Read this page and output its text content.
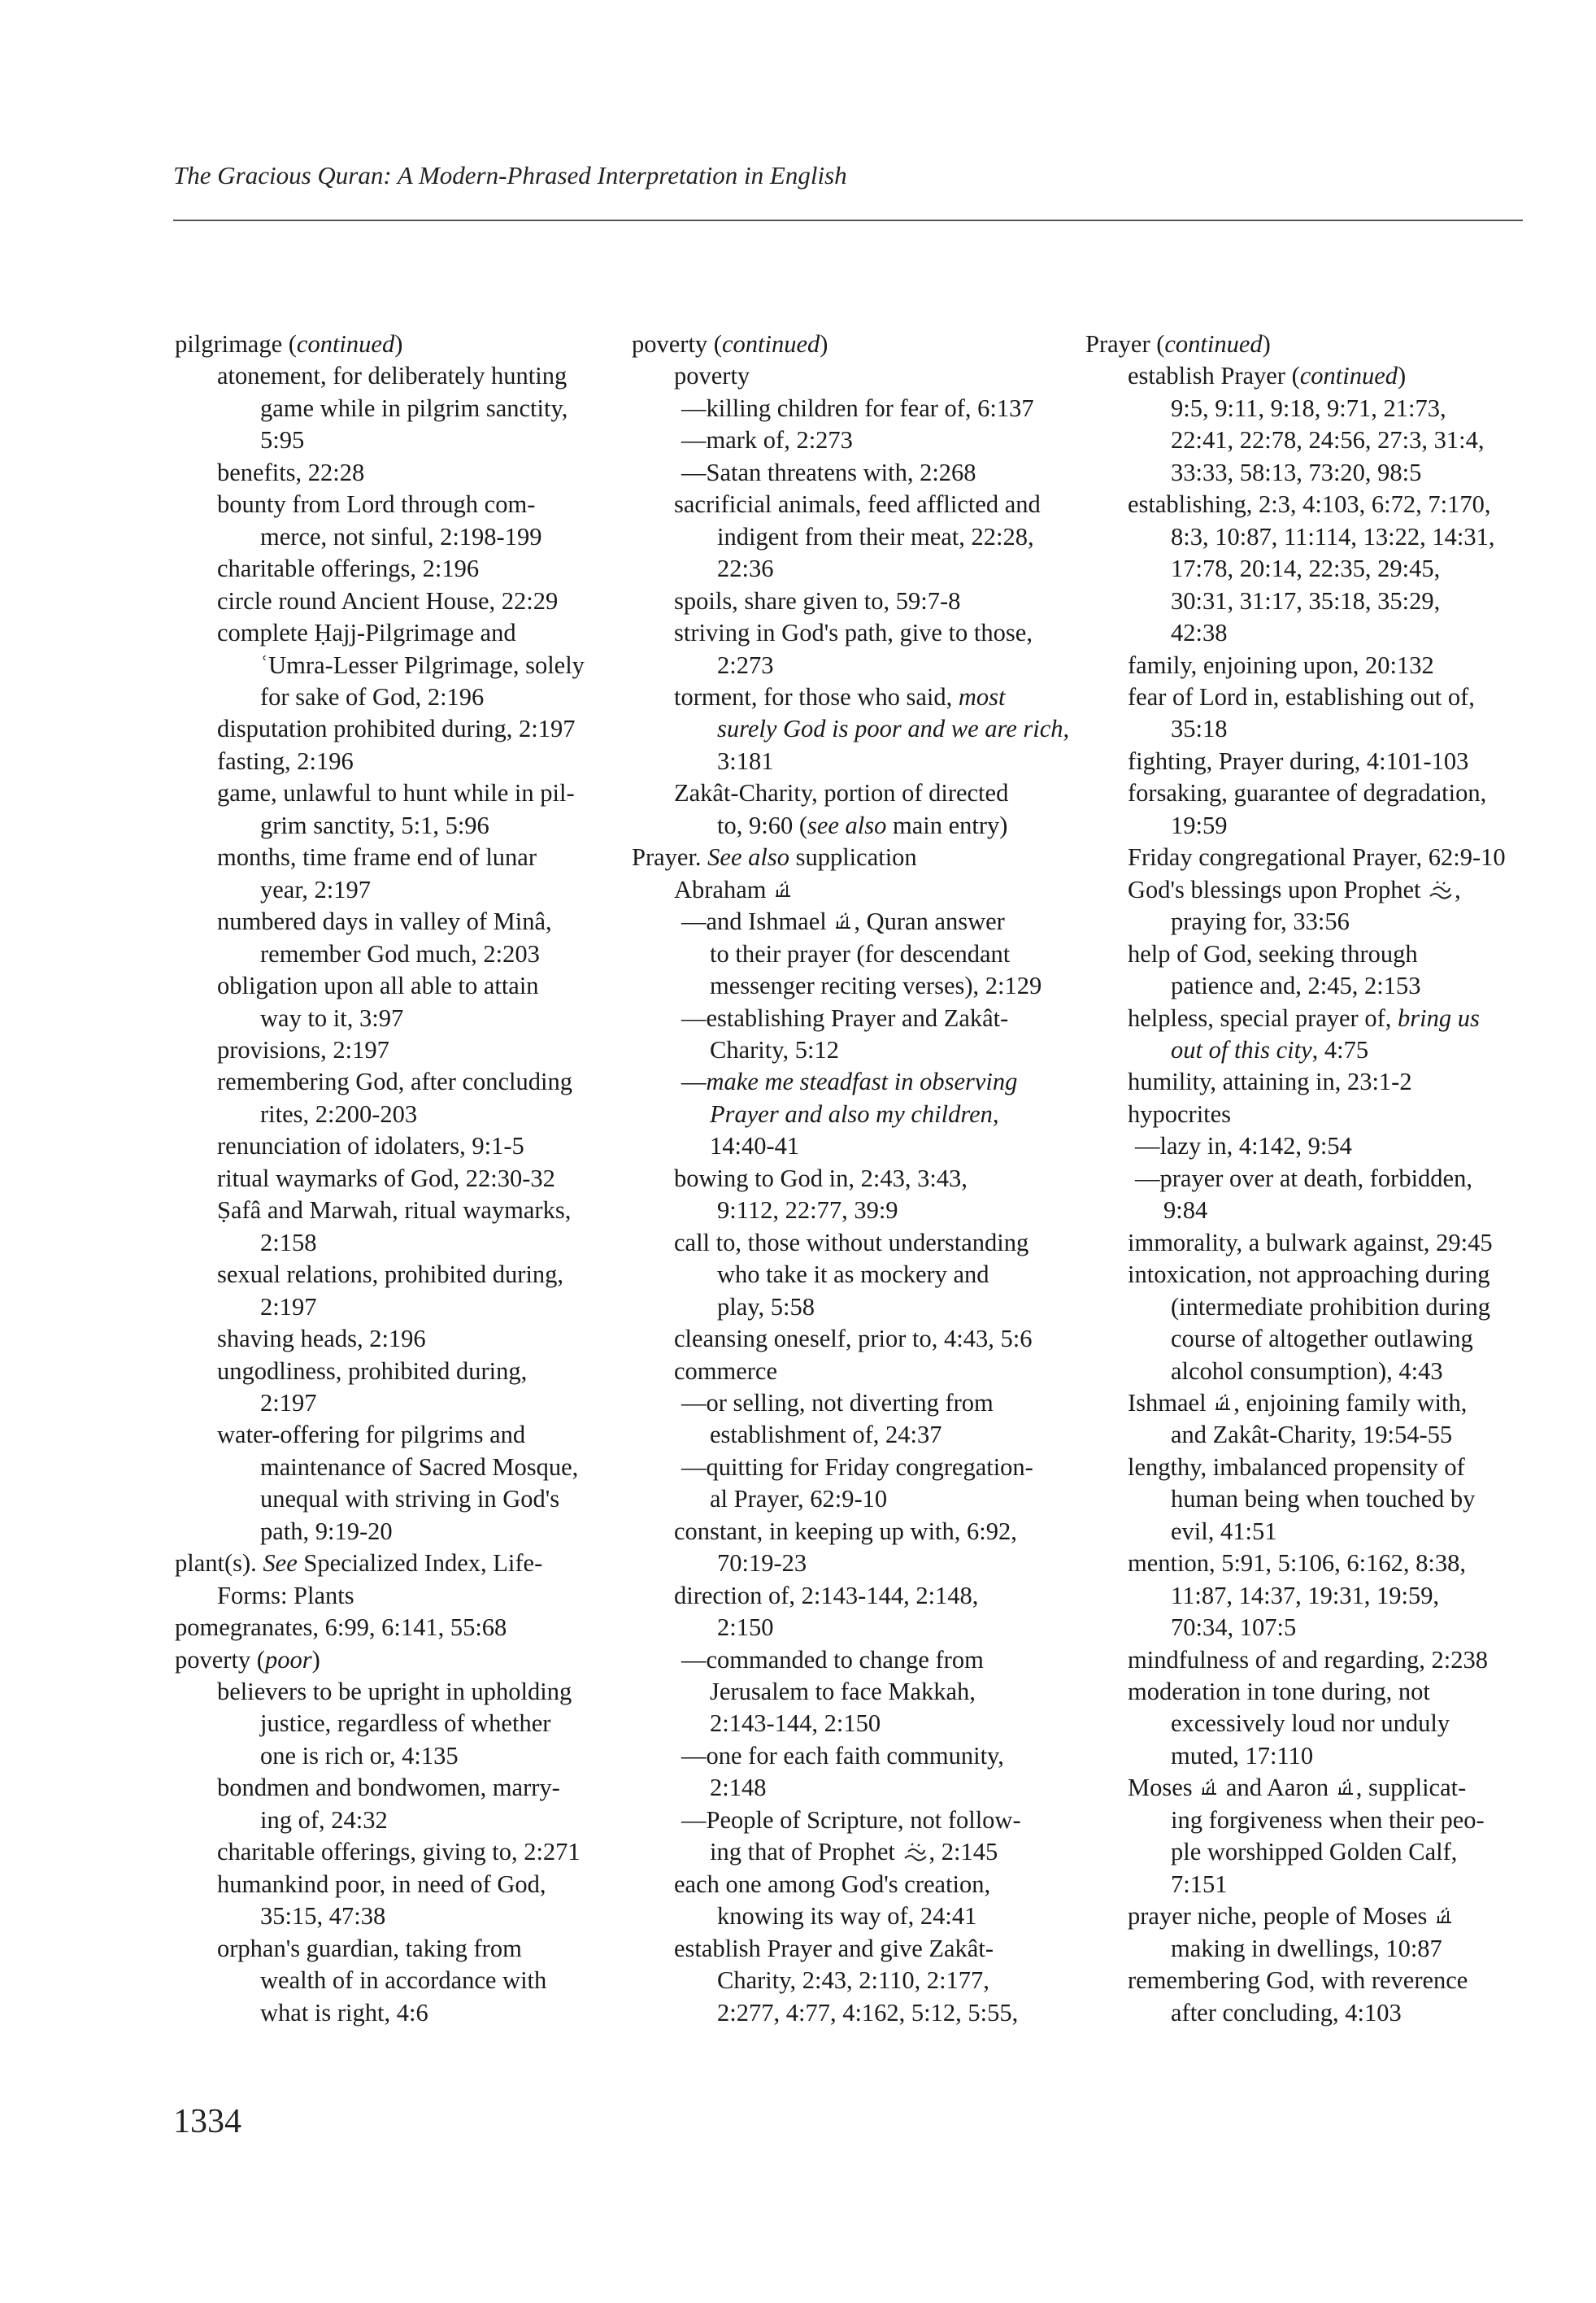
The Gracious Quran: A Modern-Phrased Interpretation in English
pilgrimage (continued)
atonement, for deliberately hunting
game while in pilgrim sanctity,
5:95
benefits, 22:28
bounty from Lord through com-
merce, not sinful, 2:198-199
charitable offerings, 2:196
circle round Ancient House, 22:29
complete Ḥajj-Pilgrimage and
ʿUmra-Lesser Pilgrimage, solely
for sake of God, 2:196
disputation prohibited during, 2:197
fasting, 2:196
game, unlawful to hunt while in pil-
grim sanctity, 5:1, 5:96
months, time frame end of lunar
year, 2:197
numbered days in valley of Minâ,
remember God much, 2:203
obligation upon all able to attain
way to it, 3:97
provisions, 2:197
remembering God, after concluding
rites, 2:200-203
renunciation of idolaters, 9:1-5
ritual waymarks of God, 22:30-32
Ṣafâ and Marwah, ritual waymarks,
2:158
sexual relations, prohibited during,
2:197
shaving heads, 2:196
ungodliness, prohibited during,
2:197
water-offering for pilgrims and
maintenance of Sacred Mosque,
unequal with striving in God's
path, 9:19-20
plant(s). See Specialized Index, Life-
Forms: Plants
pomegranates, 6:99, 6:141, 55:68
poverty (poor)
believers to be upright in upholding
justice, regardless of whether
one is rich or, 4:135
bondmen and bondwomen, marry-
ing of, 24:32
charitable offerings, giving to, 2:271
humankind poor, in need of God,
35:15, 47:38
orphan's guardian, taking from
wealth of in accordance with
what is right, 4:6
poverty (continued)
poverty
—killing children for fear of, 6:137
—mark of, 2:273
—Satan threatens with, 2:268
sacrificial animals, feed afflicted and
indigent from their meat, 22:28,
22:36
spoils, share given to, 59:7-8
striving in God's path, give to those,
2:273
torment, for those who said, most
surely God is poor and we are rich,
3:181
Zakât-Charity, portion of directed
to, 9:60 (see also main entry)
Prayer. See also supplication
Abraham
—and Ishmael , Quran answer
to their prayer (for descendant
messenger reciting verses), 2:129
—establishing Prayer and Zakât-
Charity, 5:12
—make me steadfast in observing
Prayer and also my children,
14:40-41
bowing to God in, 2:43, 3:43,
9:112, 22:77, 39:9
call to, those without understanding
who take it as mockery and
play, 5:58
cleansing oneself, prior to, 4:43, 5:6
commerce
—or selling, not diverting from
establishment of, 24:37
—quitting for Friday congregation-
al Prayer, 62:9-10
constant, in keeping up with, 6:92,
70:19-23
direction of, 2:143-144, 2:148,
2:150
—commanded to change from
Jerusalem to face Makkah,
2:143-144, 2:150
—one for each faith community,
2:148
—People of Scripture, not follow-
ing that of Prophet , 2:145
each one among God's creation,
knowing its way of, 24:41
establish Prayer and give Zakât-
Charity, 2:43, 2:110, 2:177,
2:277, 4:77, 4:162, 5:12, 5:55,
Prayer (continued)
establish Prayer (continued)
9:5, 9:11, 9:18, 9:71, 21:73,
22:41, 22:78, 24:56, 27:3, 31:4,
33:33, 58:13, 73:20, 98:5
establishing, 2:3, 4:103, 6:72, 7:170,
8:3, 10:87, 11:114, 13:22, 14:31,
17:78, 20:14, 22:35, 29:45,
30:31, 31:17, 35:18, 35:29,
42:38
family, enjoining upon, 20:132
fear of Lord in, establishing out of,
35:18
fighting, Prayer during, 4:101-103
forsaking, guarantee of degradation,
19:59
Friday congregational Prayer, 62:9-10
God's blessings upon Prophet ,
praying for, 33:56
help of God, seeking through
patience and, 2:45, 2:153
helpless, special prayer of, bring us
out of this city, 4:75
humility, attaining in, 23:1-2
hypocrites
—lazy in, 4:142, 9:54
—prayer over at death, forbidden,
9:84
immorality, a bulwark against, 29:45
intoxication, not approaching during
(intermediate prohibition during
course of altogether outlawing
alcohol consumption), 4:43
Ishmael , enjoining family with,
and Zakât-Charity, 19:54-55
lengthy, imbalanced propensity of
human being when touched by
evil, 41:51
mention, 5:91, 5:106, 6:162, 8:38,
11:87, 14:37, 19:31, 19:59,
70:34, 107:5
mindfulness of and regarding, 2:238
moderation in tone during, not
excessively loud nor unduly
muted, 17:110
Moses  and Aaron , supplicat-
ing forgiveness when their peo-
ple worshipped Golden Calf,
7:151
prayer niche, people of Moses
making in dwellings, 10:87
remembering God, with reverence
after concluding, 4:103
1334
